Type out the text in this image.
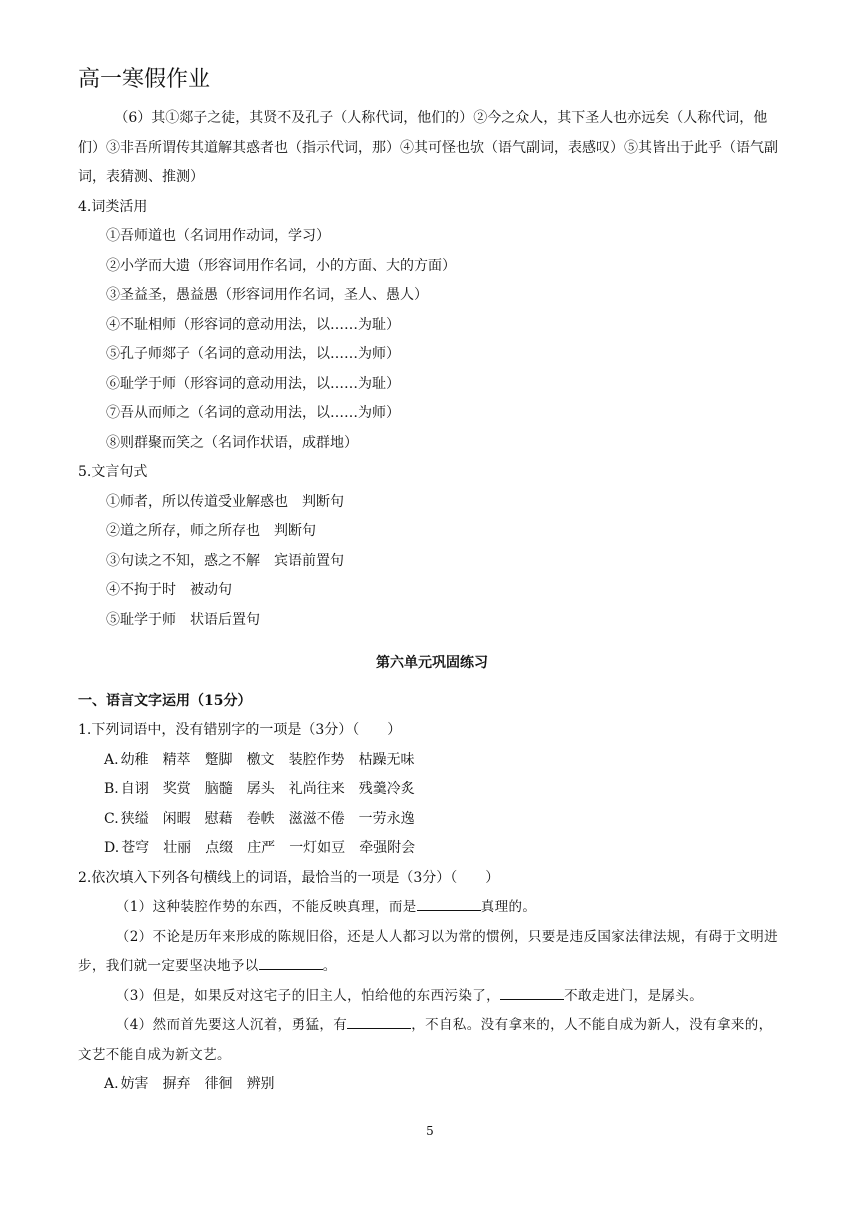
高一寒假作业

（6）其①郯子之徒，其贤不及孔子（人称代词，他们的）②今之众人，其下圣人也亦远矣（人称代词，他们）③非吾所谓传其道解其惑者也（指示代词，那）④其可怪也欤（语气副词，表感叹）⑤其皆出于此乎（语气副词，表猜测、推测）

4.词类活用

①吾师道也（名词用作动词，学习）

②小学而大遗（形容词用作名词，小的方面、大的方面）

③圣益圣，愚益愚（形容词用作名词，圣人、愚人）

④不耻相师（形容词的意动用法，以……为耻）

⑤孔子师郯子（名词的意动用法，以……为师）

⑥耻学于师（形容词的意动用法，以……为耻）

⑦吾从而师之（名词的意动用法，以……为师）

⑧则群聚而笑之（名词作状语，成群地）

5.文言句式

①师者，所以传道受业解惑也 判断句

②道之所存，师之所存也 判断句

③句读之不知，惑之不解 宾语前置句

④不拘于时 被动句

⑤耻学于师 状语后置句

第六单元巩固练习

一、语言文字运用（15分）

1.下列词语中，没有错别字的一项是（3分）（　　）

A. 幼稚 精萃 蹩脚 檄文 装腔作势 枯躁无味

B. 自诩 奖赏 脑髓 孱头 礼尚往来 残羹冷炙

C. 狭缢 闲暇 慰藉 卷帙 滋滋不倦 一劳永逸

D. 苍穹 壮丽 点缀 庄严 一灯如豆 牵强附会

2.依次填入下列各句横线上的词语，最恰当的一项是（3分）（　　）

（1）这种装腔作势的东西，不能反映真理，而是	真理的。

（2）不论是历年来形成的陈规旧俗，还是人人都习以为常的惯例，只要是违反国家法律法规，有碍于文明进步，我们就一定要坚决地予以	。

（3）但是，如果反对这宅子的旧主人，怕给他的东西污染了，	不敢走进门，是孱头。

（4）然而首先要这人沉着，勇猛，有	，不自私。没有拿来的，人不能自成为新人，没有拿来的，文艺不能自成为新文艺。

A. 妨害 摒弃 徘徊 辨别

5
